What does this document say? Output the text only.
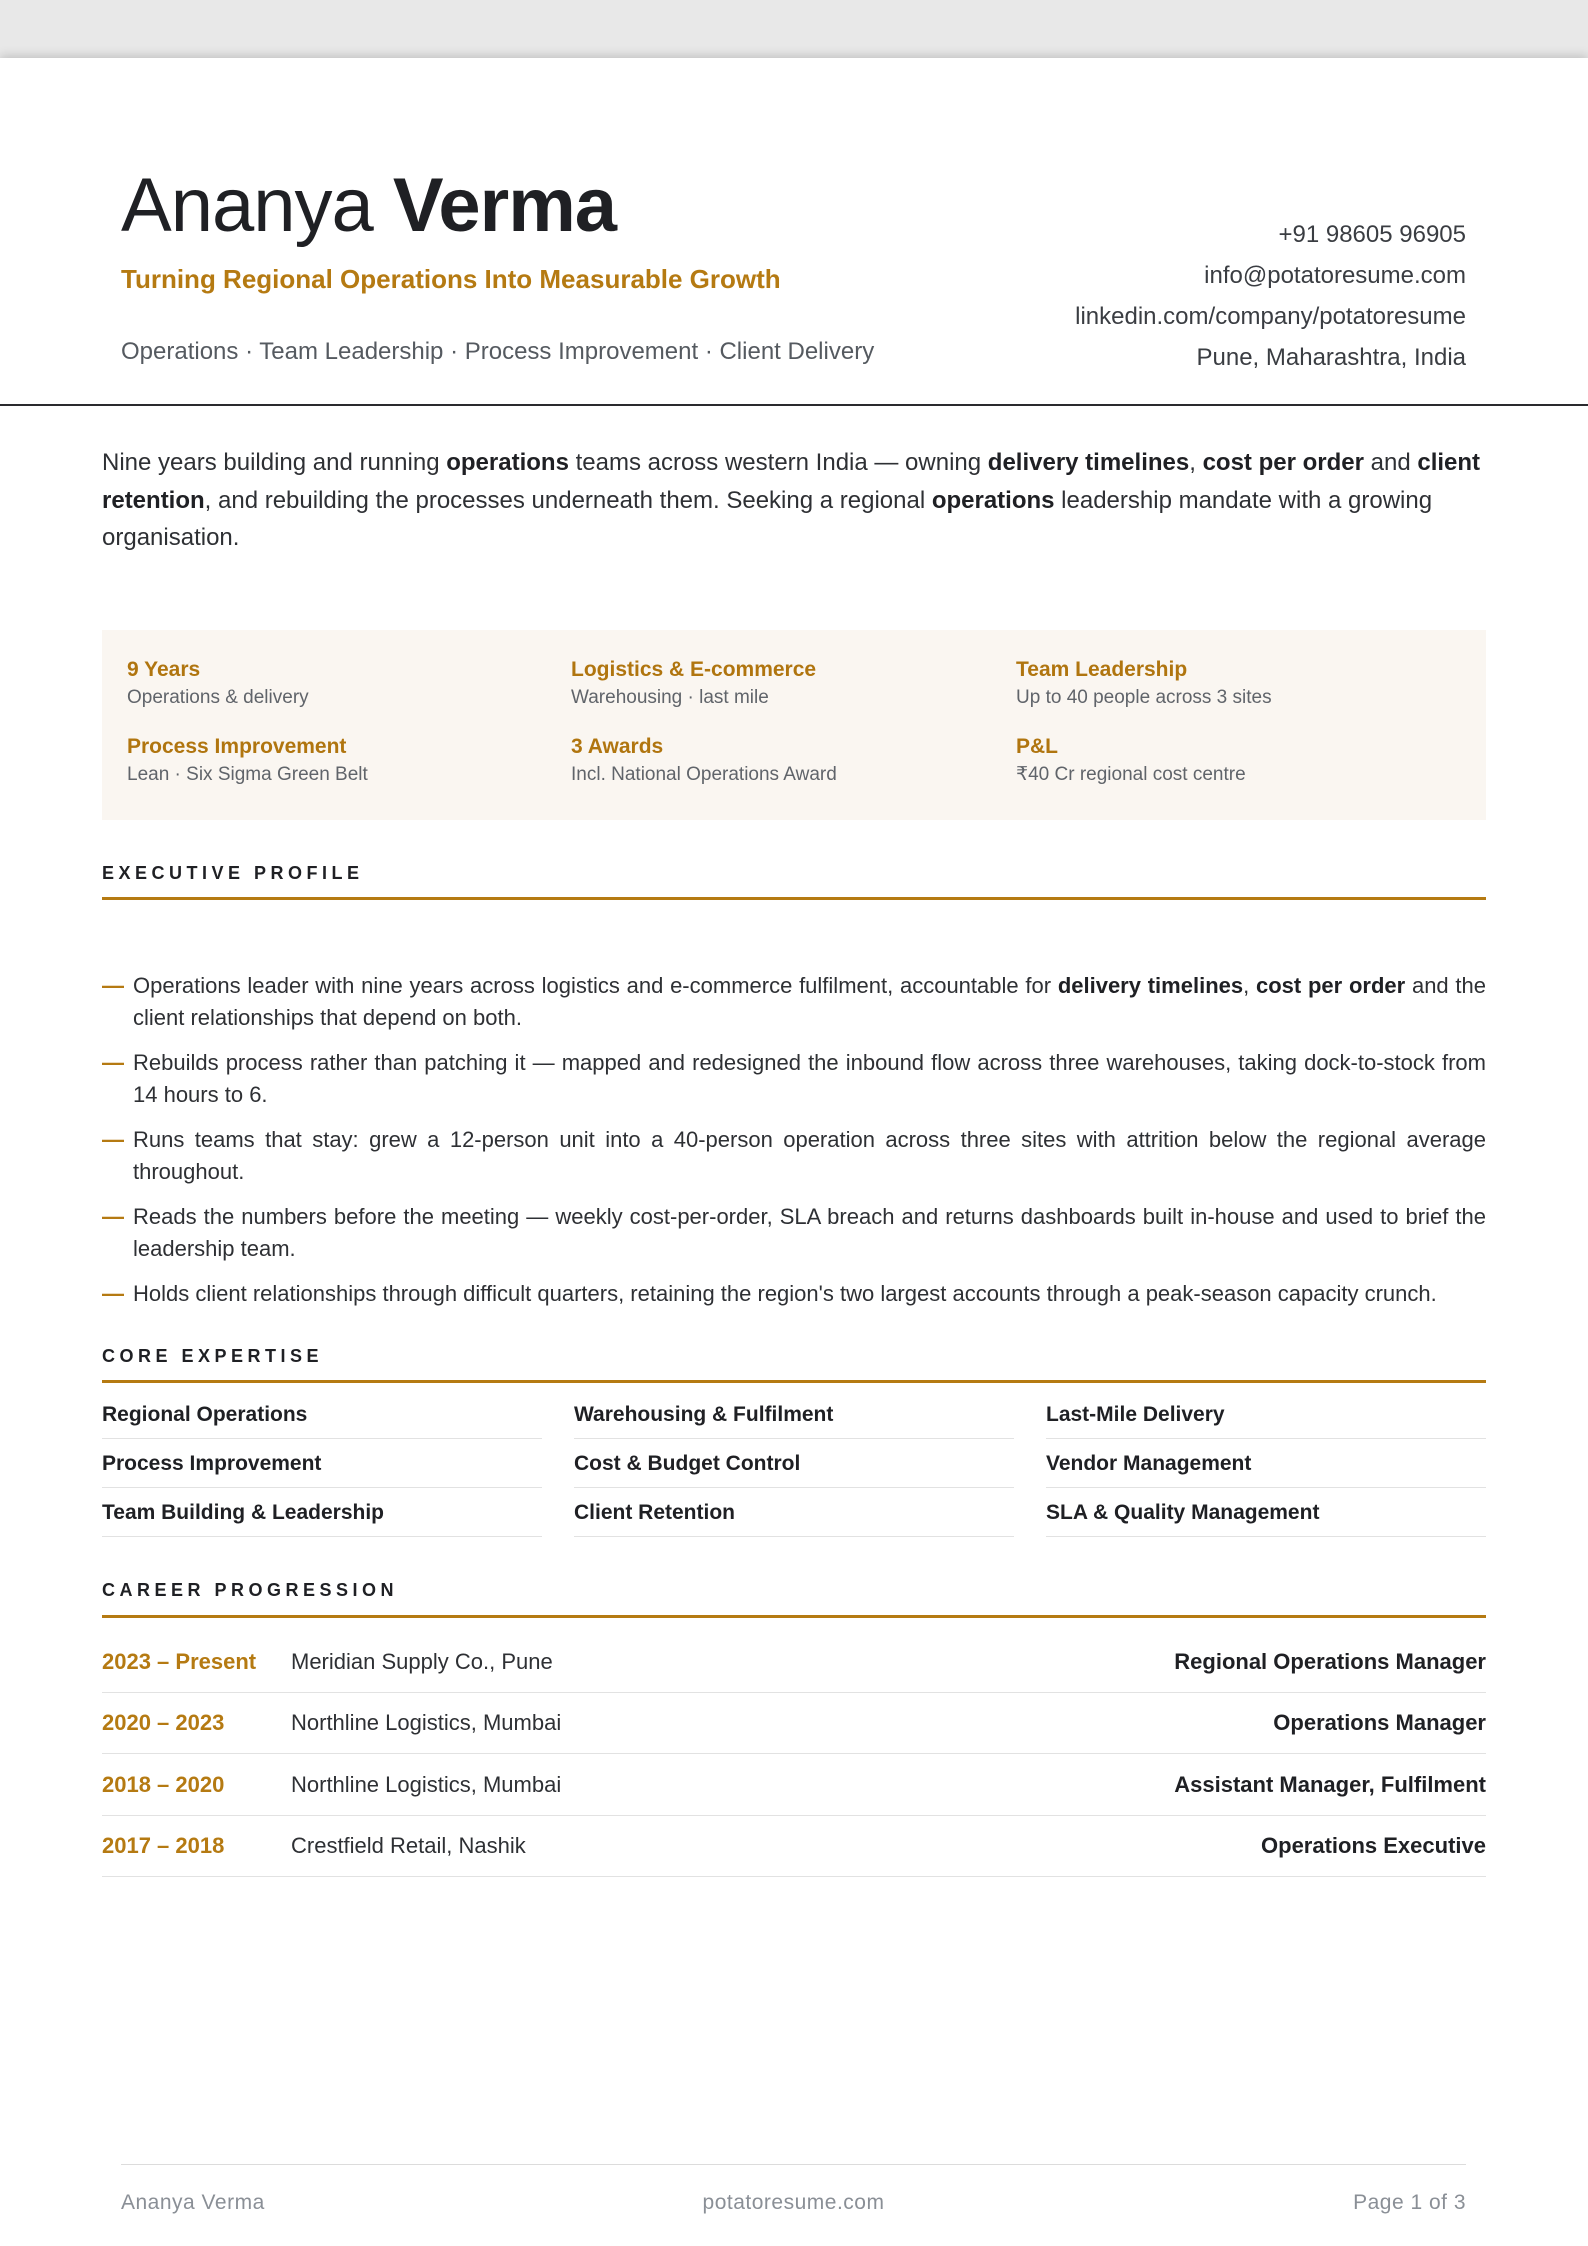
Ananya Verma
Turning Regional Operations Into Measurable Growth
Operations · Team Leadership · Process Improvement · Client Delivery
+91 98605 96905
info@potatoresume.com
linkedin.com/company/potatoresume
Pune, Maharashtra, India
Nine years building and running operations teams across western India — owning delivery timelines, cost per order and client retention, and rebuilding the processes underneath them. Seeking a regional operations leadership mandate with a growing organisation.
9 Years
Operations & delivery
Logistics & E-commerce
Warehousing · last mile
Team Leadership
Up to 40 people across 3 sites
Process Improvement
Lean · Six Sigma Green Belt
3 Awards
Incl. National Operations Award
P&L
₹40 Cr regional cost centre
EXECUTIVE PROFILE
— Operations leader with nine years across logistics and e-commerce fulfilment, accountable for delivery timelines, cost per order and the client relationships that depend on both.
— Rebuilds process rather than patching it — mapped and redesigned the inbound flow across three warehouses, taking dock-to-stock from 14 hours to 6.
— Runs teams that stay: grew a 12-person unit into a 40-person operation across three sites with attrition below the regional average throughout.
— Reads the numbers before the meeting — weekly cost-per-order, SLA breach and returns dashboards built in-house and used to brief the leadership team.
— Holds client relationships through difficult quarters, retaining the region's two largest accounts through a peak-season capacity crunch.
CORE EXPERTISE
Regional Operations	Warehousing & Fulfilment	Last-Mile Delivery
Process Improvement	Cost & Budget Control	Vendor Management
Team Building & Leadership	Client Retention	SLA & Quality Management
CAREER PROGRESSION
2023 – Present Meridian Supply Co., Pune	Regional Operations Manager
2020 – 2023	Northline Logistics, Mumbai	Operations Manager
2018 – 2020	Northline Logistics, Mumbai	Assistant Manager, Fulfilment
2017 – 2018	Crestfield Retail, Nashik	Operations Executive
Ananya Verma	potatoresume.com	Page 1 of 3
